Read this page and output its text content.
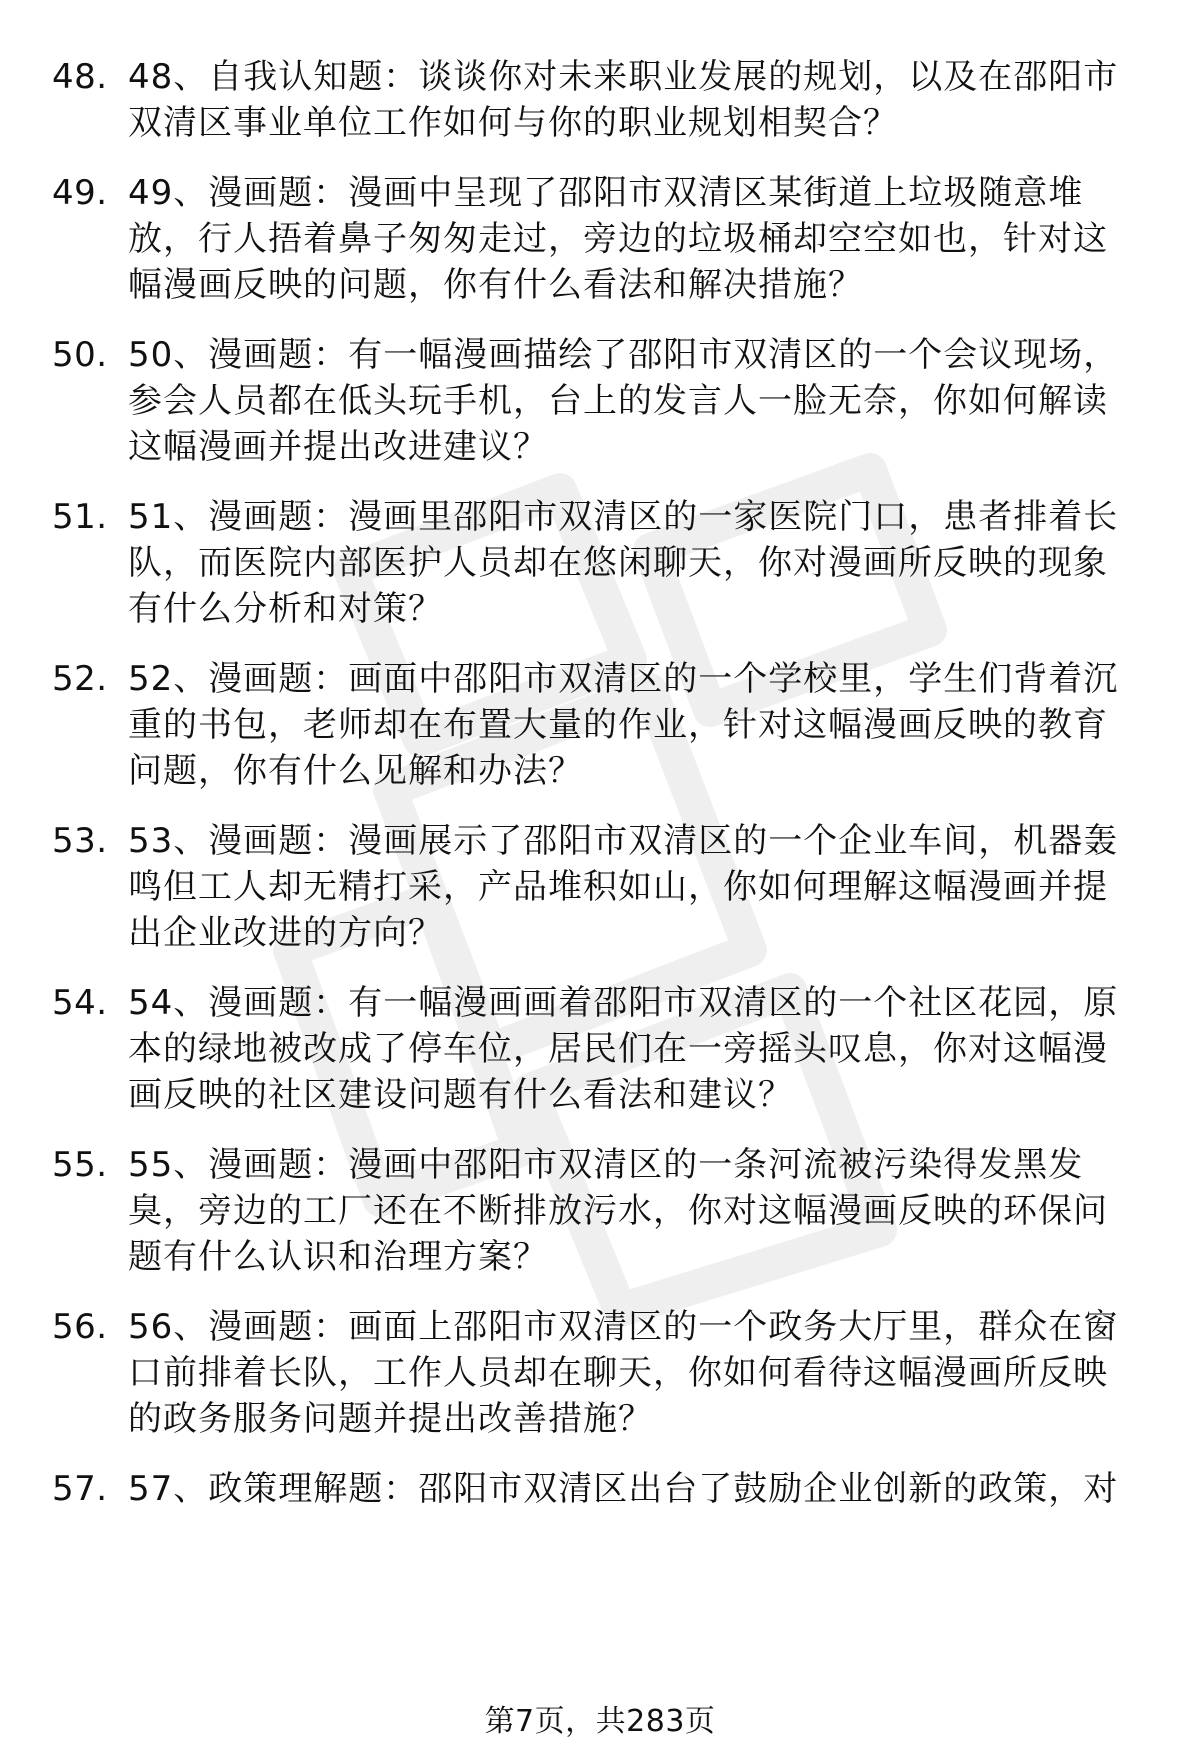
48. 48、自我认知题：谈谈你对未来职业发展的规划，以及在邵阳市
双清区事业单位工作如何与你的职业规划相契合？
49. 49、漫画题：漫画中呈现了邵阳市双清区某街道上垃圾随意堆
放，行人捂着鼻子匆匆走过，旁边的垃圾桶却空空如也，针对这
幅漫画反映的问题，你有什么看法和解决措施？
50. 50、漫画题：有一幅漫画描绘了邵阳市双清区的一个会议现场，
参会人员都在低头玩手机，台上的发言人一脸无奈，你如何解读
这幅漫画并提出改进建议？
51. 51、漫画题：漫画里邵阳市双清区的一家医院门口，患者排着长
队，而医院内部医护人员却在悠闲聊天，你对漫画所反映的现象
有什么分析和对策？
52. 52、漫画题：画面中邵阳市双清区的一个学校里，学生们背着沉
重的书包，老师却在布置大量的作业，针对这幅漫画反映的教育
问题，你有什么见解和办法？
53. 53、漫画题：漫画展示了邵阳市双清区的一个企业车间，机器轰
鸣但工人却无精打采，产品堆积如山，你如何理解这幅漫画并提
出企业改进的方向？
54. 54、漫画题：有一幅漫画画着邵阳市双清区的一个社区花园，原
本的绿地被改成了停车位，居民们在一旁摇头叹息，你对这幅漫
画反映的社区建设问题有什么看法和建议？
55. 55、漫画题：漫画中邵阳市双清区的一条河流被污染得发黑发
臭，旁边的工厂还在不断排放污水，你对这幅漫画反映的环保问
题有什么认识和治理方案？
56. 56、漫画题：画面上邵阳市双清区的一个政务大厅里，群众在窗
口前排着长队，工作人员却在聊天，你如何看待这幅漫画所反映
的政务服务问题并提出改善措施？
57. 57、政策理解题：邵阳市双清区出台了鼓励企业创新的政策，对
第7页，共283页
